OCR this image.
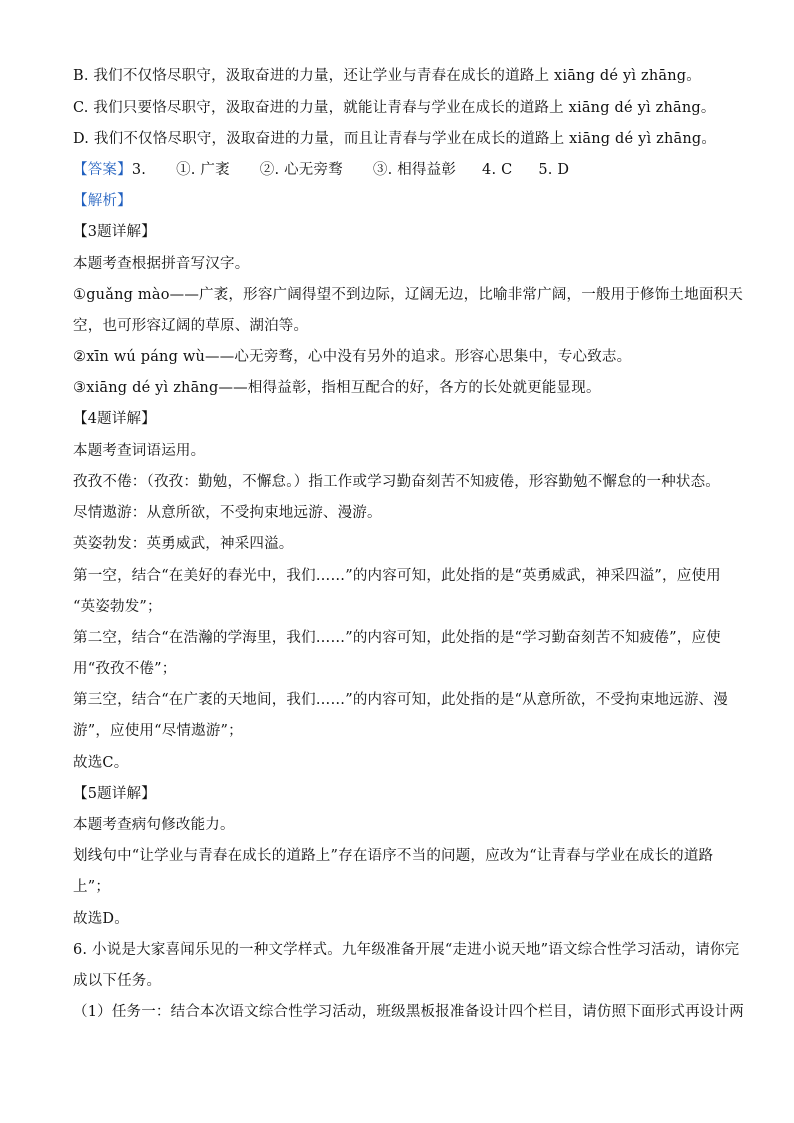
B. 我们不仅恪尽职守，汲取奋进的力量，还让学业与青春在成长的道路上 xiāng dé yì zhāng。
C. 我们只要恪尽职守，汲取奋进的力量，就能让青春与学业在成长的道路上 xiāng dé yì zhāng。
D. 我们不仅恪尽职守，汲取奋进的力量，而且让青春与学业在成长的道路上 xiāng dé yì zhāng。
【答案】3. ①. 广袤 ②. 心无旁骛 ③. 相得益彰 4. C 5. D
【解析】
【3题详解】
本题考查根据拼音写汉字。
①guǎng mào——广袤，形容广阔得望不到边际，辽阔无边，比喻非常广阔，一般用于修饰土地面积天
空，也可形容辽阔的草原、湖泊等。
②xīn wú páng wù——心无旁骛，心中没有另外的追求。形容心思集中，专心致志。
③xiāng dé yì zhāng——相得益彰，指相互配合的好，各方的长处就更能显现。
【4题详解】
本题考查词语运用。
孜孜不倦：（孜孜：勤勉，不懈怠。）指工作或学习勤奋刻苦不知疲倦，形容勤勉不懈怠的一种状态。
尽情遨游：从意所欲，不受拘束地远游、漫游。
英姿勃发：英勇威武，神采四溢。
第一空，结合“在美好的春光中，我们……”的内容可知，此处指的是“英勇威武，神采四溢”，应使用
“英姿勃发”；
第二空，结合“在浩瀚的学海里，我们……”的内容可知，此处指的是“学习勤奋刻苦不知疲倦”，应使
用“孜孜不倦”；
第三空，结合“在广袤的天地间，我们……”的内容可知，此处指的是“从意所欲，不受拘束地远游、漫
游”，应使用“尽情遨游”；
故选C。
【5题详解】
本题考查病句修改能力。
划线句中“让学业与青春在成长的道路上”存在语序不当的问题，应改为“让青春与学业在成长的道路
上”；
故选D。
6. 小说是大家喜闻乐见的一种文学样式。九年级准备开展“走进小说天地”语文综合性学习活动，请你完
成以下任务。
（1）任务一：结合本次语文综合性学习活动，班级黑板报准备设计四个栏目，请仿照下面形式再设计两
